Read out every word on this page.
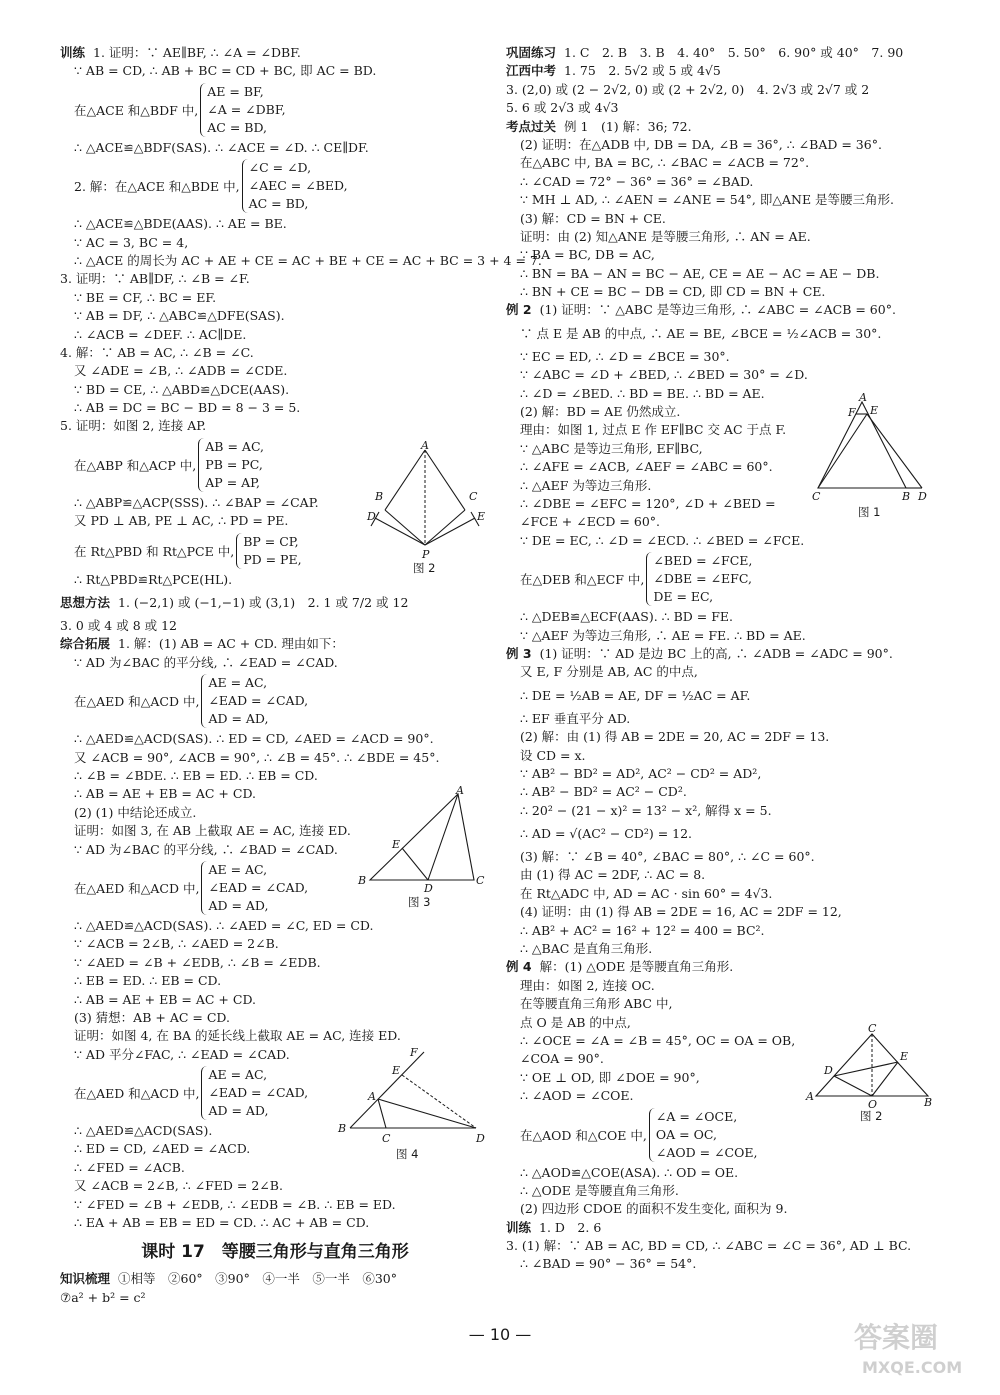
训练 1. 证明：∵ AE∥BF, ∴ ∠A = ∠DBF.
∵ AB = CD, ∴ AB + BC = CD + BC, 即 AC = BD.
在△ACE 和△BDF 中,
AE = BF,
∠A = ∠DBF,
AC = BD,
∴ △ACE≌△BDF(SAS). ∴ ∠ACE = ∠D. ∴ CE∥DF.
2. 解：在△ACE 和△BDE 中,
∠C = ∠D,
∠AEC = ∠BED,
AC = BD,
∴ △ACE≌△BDE(AAS). ∴ AE = BE.
∵ AC = 3, BC = 4,
∴ △ACE 的周长为 AC + AE + CE = AC + BE + CE = AC + BC = 3 + 4 = 7.
3. 证明：∵ AB∥DF, ∴ ∠B = ∠F.
∵ BE = CF, ∴ BC = EF.
∵ AB = DF, ∴ △ABC≌△DFE(SAS).
∴ ∠ACB = ∠DEF. ∴ AC∥DE.
4. 解：∵ AB = AC, ∴ ∠B = ∠C.
又 ∠ADE = ∠B, ∴ ∠ADB = ∠CDE.
∵ BD = CE, ∴ △ABD≌△DCE(AAS).
∴ AB = DC = BC − BD = 8 − 3 = 5.
5. 证明：如图 2, 连接 AP.
在△ABP 和△ACP 中,
AB = AC,
PB = PC,
AP = AP,
∴ △ABP≌△ACP(SSS). ∴ ∠BAP = ∠CAP.
又 PD ⊥ AB, PE ⊥ AC, ∴ PD = PE.
在 Rt△PBD 和 Rt△PCE 中,
BP = CP,
PD = PE,
∴ Rt△PBD≌Rt△PCE(HL).
思想方法 1. (−2,1) 或 (−1,−1) 或 (3,1)　2. 1 或 7/2 或 12
3. 0 或 4 或 8 或 12
综合拓展 1. 解：(1) AB = AC + CD. 理由如下：
∵ AD 为∠BAC 的平分线, ∴ ∠EAD = ∠CAD.
在△AED 和△ACD 中,
AE = AC,
∠EAD = ∠CAD,
AD = AD,
∴ △AED≌△ACD(SAS). ∴ ED = CD, ∠AED = ∠ACD = 90°.
又 ∠ACB = 90°, ∠ACB = 90°, ∴ ∠B = 45°. ∴ ∠BDE = 45°.
∴ ∠B = ∠BDE. ∴ EB = ED. ∴ EB = CD.
∴ AB = AE + EB = AC + CD.
(2) (1) 中结论还成立.
证明：如图 3, 在 AB 上截取 AE = AC, 连接 ED.
∵ AD 为∠BAC 的平分线, ∴ ∠BAD = ∠CAD.
在△AED 和△ACD 中,
AE = AC,
∠EAD = ∠CAD,
AD = AD,
∴ △AED≌△ACD(SAS). ∴ ∠AED = ∠C, ED = CD.
∵ ∠ACB = 2∠B, ∴ ∠AED = 2∠B.
∵ ∠AED = ∠B + ∠EDB, ∴ ∠B = ∠EDB.
∴ EB = ED. ∴ EB = CD.
∴ AB = AE + EB = AC + CD.
(3) 猜想：AB + AC = CD.
证明：如图 4, 在 BA 的延长线上截取 AE = AC, 连接 ED.
∵ AD 平分∠FAC, ∴ ∠EAD = ∠CAD.
在△AED 和△ACD 中,
AE = AC,
∠EAD = ∠CAD,
AD = AD,
∴ △AED≌△ACD(SAS).
∴ ED = CD, ∠AED = ∠ACD.
∴ ∠FED = ∠ACB.
又 ∠ACB = 2∠B, ∴ ∠FED = 2∠B.
∵ ∠FED = ∠B + ∠EDB, ∴ ∠EDB = ∠B. ∴ EB = ED.
∴ EA + AB = EB = ED = CD. ∴ AC + AB = CD.
课时 17　等腰三角形与直角三角形
知识梳理 ①相等　②60°　③90°　④一半　⑤一半　⑥30°
⑦a² + b² = c²
巩固练习 1. C　2. B　3. B　4. 40°　5. 50°　6. 90° 或 40°　7. 90
江西中考 1. 75　2. 5√2 或 5 或 4√5
3. (2,0) 或 (2 − 2√2, 0) 或 (2 + 2√2, 0)　4. 2√3 或 2√7 或 2
5. 6 或 2√3 或 4√3
考点过关 例 1　(1) 解：36; 72.
(2) 证明：在△ADB 中, DB = DA, ∠B = 36°, ∴ ∠BAD = 36°.
在△ABC 中, BA = BC, ∴ ∠BAC = ∠ACB = 72°.
∴ ∠CAD = 72° − 36° = 36° = ∠BAD.
∵ MH ⊥ AD, ∴ ∠AEN = ∠ANE = 54°, 即△ANE 是等腰三角形.
(3) 解：CD = BN + CE.
证明：由 (2) 知△ANE 是等腰三角形, ∴ AN = AE.
∵ BA = BC, DB = AC,
∴ BN = BA − AN = BC − AE, CE = AE − AC = AE − DB.
∴ BN + CE = BC − DB = CD, 即 CD = BN + CE.
例 2 (1) 证明：∵ △ABC 是等边三角形, ∴ ∠ABC = ∠ACB = 60°.
∵ 点 E 是 AB 的中点, ∴ AE = BE, ∠BCE = ½∠ACB = 30°.
∵ EC = ED, ∴ ∠D = ∠BCE = 30°.
∵ ∠ABC = ∠D + ∠BED, ∴ ∠BED = 30° = ∠D.
∴ ∠D = ∠BED. ∴ BD = BE. ∴ BD = AE.
(2) 解：BD = AE 仍然成立.
理由：如图 1, 过点 E 作 EF∥BC 交 AC 于点 F.
∵ △ABC 是等边三角形, EF∥BC,
∴ ∠AFE = ∠ACB, ∠AEF = ∠ABC = 60°.
∴ △AEF 为等边三角形.
∴ ∠DBE = ∠EFC = 120°, ∠D + ∠BED =
∠FCE + ∠ECD = 60°.
∵ DE = EC, ∴ ∠D = ∠ECD. ∴ ∠BED = ∠FCE.
在△DEB 和△ECF 中,
∠BED = ∠FCE,
∠DBE = ∠EFC,
DE = EC,
∴ △DEB≌△ECF(AAS). ∴ BD = FE.
∵ △AEF 为等边三角形, ∴ AE = FE. ∴ BD = AE.
例 3 (1) 证明：∵ AD 是边 BC 上的高, ∴ ∠ADB = ∠ADC = 90°.
又 E, F 分别是 AB, AC 的中点,
∴ DE = ½AB = AE, DF = ½AC = AF.
∴ EF 垂直平分 AD.
(2) 解：由 (1) 得 AB = 2DE = 20, AC = 2DF = 13.
设 CD = x.
∵ AB² − BD² = AD², AC² − CD² = AD²,
∴ AB² − BD² = AC² − CD².
∴ 20² − (21 − x)² = 13² − x², 解得 x = 5.
∴ AD = √(AC² − CD²) = 12.
(3) 解：∵ ∠B = 40°, ∠BAC = 80°, ∴ ∠C = 60°.
由 (1) 得 AC = 2DF, ∴ AC = 8.
在 Rt△ADC 中, AD = AC · sin 60° = 4√3.
(4) 证明：由 (1) 得 AB = 2DE = 16, AC = 2DF = 12,
∴ AB² + AC² = 16² + 12² = 400 = BC².
∴ △BAC 是直角三角形.
例 4 解：(1) △ODE 是等腰直角三角形.
理由：如图 2, 连接 OC.
在等腰直角三角形 ABC 中,
点 O 是 AB 的中点,
∴ ∠OCE = ∠A = ∠B = 45°, OC = OA = OB,
∠COA = 90°.
∵ OE ⊥ OD, 即 ∠DOE = 90°,
∴ ∠AOD = ∠COE.
在△AOD 和△COE 中,
∠A = ∠OCE,
OA = OC,
∠AOD = ∠COE,
∴ △AOD≌△COE(ASA). ∴ OD = OE.
∴ △ODE 是等腰直角三角形.
(2) 四边形 CDOE 的面积不发生变化, 面积为 9.
训练 1. D　2. 6
3. (1) 解：∵ AB = AC, BD = CD, ∴ ∠ABC = ∠C = 36°, AD ⊥ BC.
∴ ∠BAD = 90° − 36° = 54°.
A
B	C
D	E
P
图 2
A
B	C
D
E
图 3
A
B
C	D
E
F
图 4
A
B
C	D
E
F
图 1
A	B
C
D
E
O
图 2
— 10 —	答案圈
MXQE.COM
